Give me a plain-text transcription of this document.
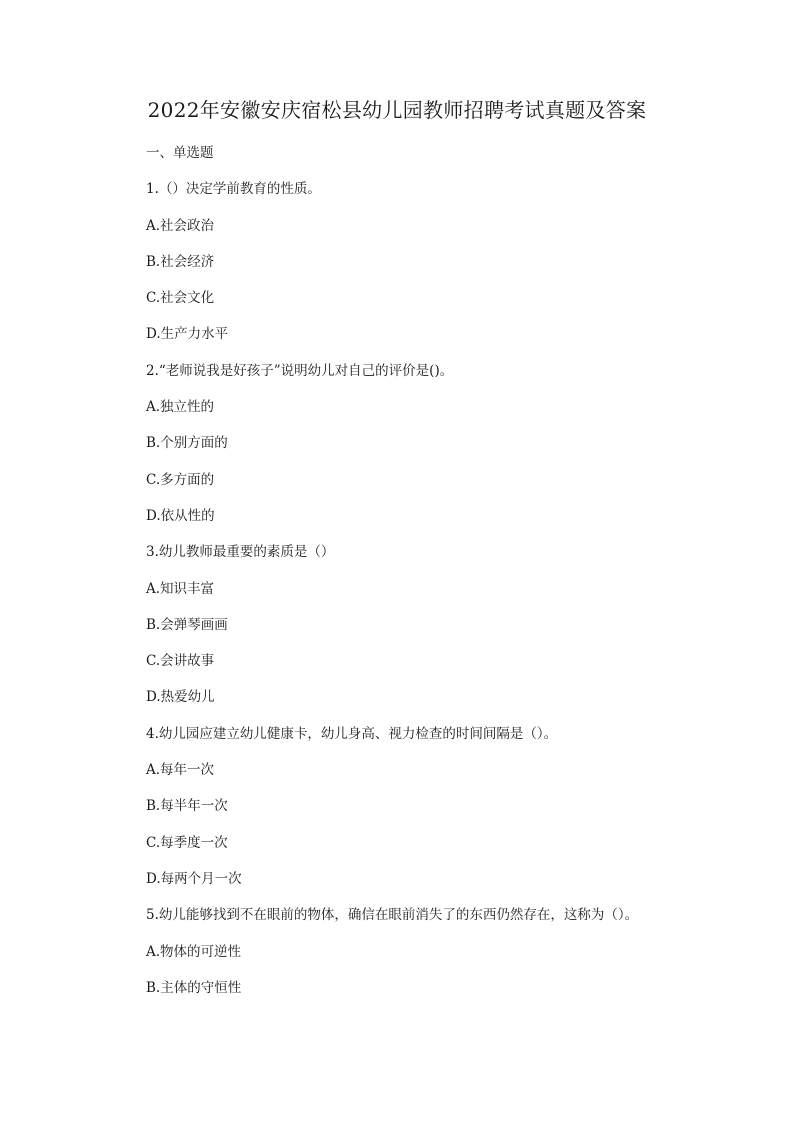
2022年安徽安庆宿松县幼儿园教师招聘考试真题及答案
一、单选题
1.（）决定学前教育的性质。
A.社会政治
B.社会经济
C.社会文化
D.生产力水平
2.“老师说我是好孩子”说明幼儿对自己的评价是()。
A.独立性的
B.个别方面的
C.多方面的
D.依从性的
3.幼儿教师最重要的素质是（）
A.知识丰富
B.会弹琴画画
C.会讲故事
D.热爱幼儿
4.幼儿园应建立幼儿健康卡，幼儿身高、视力检查的时间间隔是（）。
A.每年一次
B.每半年一次
C.每季度一次
D.每两个月一次
5.幼儿能够找到不在眼前的物体，确信在眼前消失了的东西仍然存在，这称为（）。
A.物体的可逆性
B.主体的守恒性
